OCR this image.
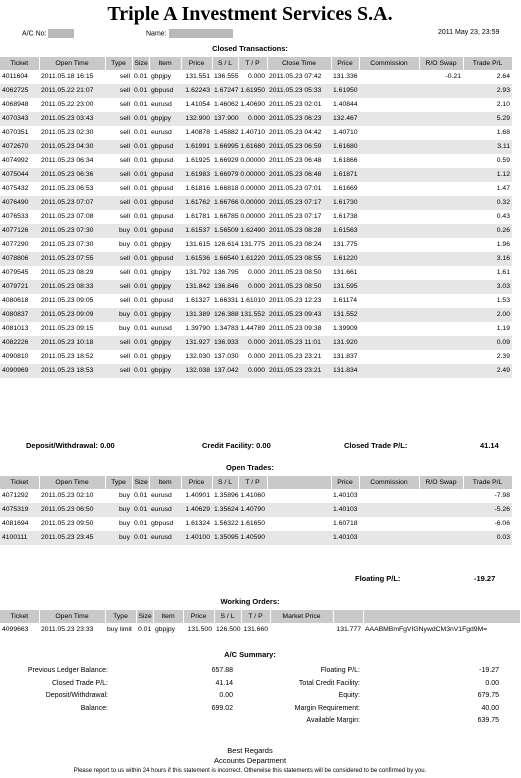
Triple A Investment Services S.A.
A/C No:	Name:	2011 May 23, 23:59
Closed Transactions:
Ticket	Open Time	Type	Size	Item	Price	S / L	T / P	Close Time	Price	Commission	R/O Swap	Trade P/L
4011604	2011.05.18 16:15	sell	0.01	gbpjpy	131.551	136.555	0.000	2011.05.23 07:42	131.336		-0.21	2.64
4062725	2011.05.22 21:07	sell	0.01	gbpusd	1.62243	1.67247	1.61950	2011.05.23 05:33	1.61950			2.93
4068948	2011.05.22 23:00	sell	0.01	eurusd	1.41054	1.46062	1.40690	2011.05.23 02:01	1.40844			2.10
4070343	2011.05.23 03:43	sell	0.01	gbpjpy	132.900	137.900	0.000	2011.05.23 06:23	132.467			5.29
4070351	2011.05.23 02:30	sell	0.01	eurusd	1.40878	1.45882	1.40710	2011.05.23 04:42	1.40710			1.68
4072670	2011.05.23 04:30	sell	0.01	gbpusd	1.61991	1.66995	1.61680	2011.05.23 06:59	1.61680			3.11
4074992	2011.05.23 06:34	sell	0.01	gbpusd	1.61925	1.66929	0.00000	2011.05.23 06:48	1.61866			0.59
4075044	2011.05.23 06:36	sell	0.01	gbpusd	1.61983	1.66979	0.00000	2011.05.23 06:48	1.61871			1.12
4075432	2011.05.23 06:53	sell	0.01	gbpusd	1.61816	1.66818	0.00000	2011.05.23 07:01	1.61669			1.47
4076490	2011.05.23 07:07	sell	0.01	gbpusd	1.61762	1.66766	0.00000	2011.05.23 07:17	1.61730			0.32
4076533	2011.05.23 07:08	sell	0.01	gbpusd	1.61781	1.66785	0.00000	2011.05.23 07:17	1.61738			0.43
4077126	2011.05.23 07:30	buy	0.01	gbpusd	1.61537	1.56509	1.62490	2011.05.23 08:28	1.61563			0.26
4077290	2011.05.23 07:30	buy	0.01	gbpjpy	131.615	126.614	131.775	2011.05.23 08:24	131.775			1.96
4078806	2011.05.23 07:55	sell	0.01	gbpusd	1.61536	1.66540	1.61220	2011.05.23 08:55	1.61220			3.16
4079545	2011.05.23 08:29	sell	0.01	gbpjpy	131.792	136.795	0.000	2011.05.23 08:50	131.661			1.61
4079721	2011.05.23 08:33	sell	0.01	gbpjpy	131.842	136.846	0.000	2011.05.23 08:50	131.595			3.03
4080618	2011.05.23 09:05	sell	0.01	gbpusd	1.61327	1.66331	1.61010	2011.05.23 12:23	1.61174			1.53
4080837	2011.05.23 09:09	buy	0.01	gbpjpy	131.389	126.388	131.552	2011.05.23 09:43	131.552			2.00
4081013	2011.05.23 09:15	buy	0.01	eurusd	1.39790	1.34783	1.44789	2011.05.23 09:38	1.39909			1.19
4082226	2011.05.23 10:18	sell	0.01	gbpjpy	131.927	136.933	0.000	2011.05.23 11:01	131.920			0.09
4090810	2011.05.23 18:52	sell	0.01	gbpjpy	132.030	137.030	0.000	2011.05.23 23:21	131.837			2.39
4090969	2011.05.23 18:53	sell	0.01	gbpjpy	132.038	137.042	0.000	2011.05.23 23:21	131.834			2.49

Deposit/Withdrawal: 0.00	Credit Facility: 0.00	Closed Trade P/L:	41.14
Open Trades:
Ticket	Open Time	Type	Size	Item	Price	S / L	T / P		Price	Commission	R/O Swap	Trade P/L
4071292	2011.05.23 02:10	buy	0.01	eurusd	1.40901	1.35896	1.41060		1.40103			-7.98
4075319	2011.05.23 06:50	buy	0.01	eurusd	1.40629	1.35624	1.40790		1.40103			-5.26
4081694	2011.05.23 09:50	buy	0.01	gbpusd	1.61324	1.56322	1.61650		1.60718			-6.06
4100111	2011.05.23 23:45	buy	0.01	eurusd	1.40100	1.35095	1.40590		1.40103			0.03

Floating P/L:	-19.27
Working Orders:
Ticket	Open Time	Type	Size	Item	Price	S / L	T / P	Market Price		
4099663	2011.05.23 23:33	buy limit	0.01	gbpjpy	131.500	126.500	131.660		131.777	AAABMBmFgVIGNywdCM3nV1Fgd9M=
A/C Summary:
Previous Ledger Balance:	657.88
Closed Trade P/L:	41.14
Deposit/Withdrawal:	0.00
Balance:	699.02
Floating P/L:	-19.27
Total Credit Facility:	0.00
Equity:	679.75
Margin Requirement:	40.00
Available Margin:	639.75
Best Regards
Accounts Department
Please report to us within 24 hours if this statement is incorrect. Otherwise this statements will be considered to be confirmed by you.
